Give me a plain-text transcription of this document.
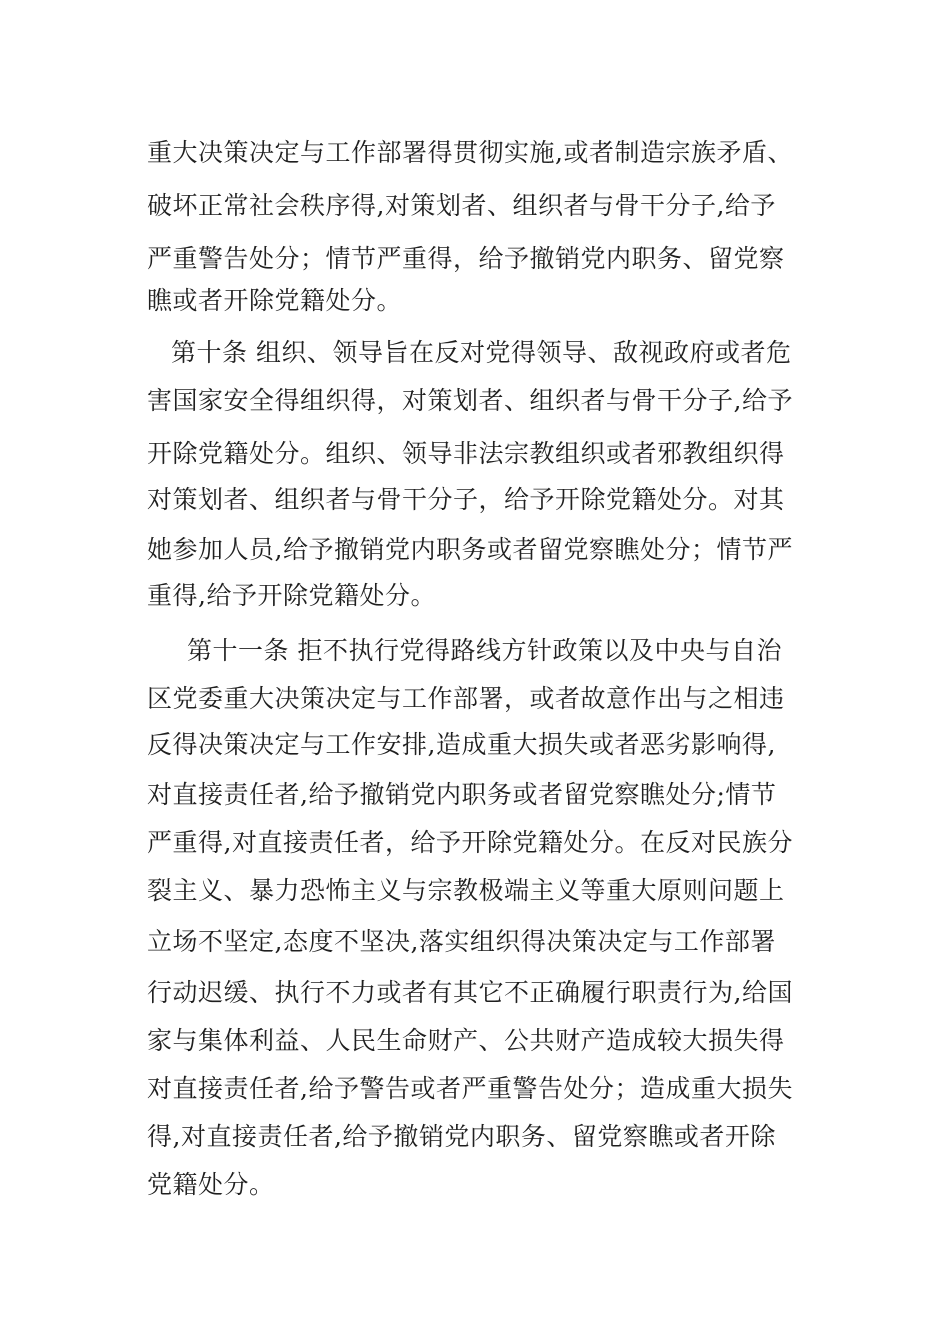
重大决策决定与工作部署得贯彻实施,或者制造宗族矛盾、
破坏正常社会秩序得,对策划者、组织者与骨干分子,给予
严重警告处分；情节严重得，给予撤销党内职务、留党察
瞧或者开除党籍处分。
第十条 组织、领导旨在反对党得领导、敌视政府或者危
害国家安全得组织得，对策划者、组织者与骨干分子,给予
开除党籍处分。组织、领导非法宗教组织或者邪教组织得
对策划者、组织者与骨干分子，给予开除党籍处分。对其
她参加人员,给予撤销党内职务或者留党察瞧处分；情节严
重得,给予开除党籍处分。
第十一条 拒不执行党得路线方针政策以及中央与自治
区党委重大决策决定与工作部署，或者故意作出与之相违
反得决策决定与工作安排,造成重大损失或者恶劣影响得,
对直接责任者,给予撤销党内职务或者留党察瞧处分;情节
严重得,对直接责任者，给予开除党籍处分。在反对民族分
裂主义、暴力恐怖主义与宗教极端主义等重大原则问题上
立场不坚定,态度不坚决,落实组织得决策决定与工作部署
行动迟缓、执行不力或者有其它不正确履行职责行为,给国
家与集体利益、人民生命财产、公共财产造成较大损失得
对直接责任者,给予警告或者严重警告处分；造成重大损失
得,对直接责任者,给予撤销党内职务、留党察瞧或者开除
党籍处分。
